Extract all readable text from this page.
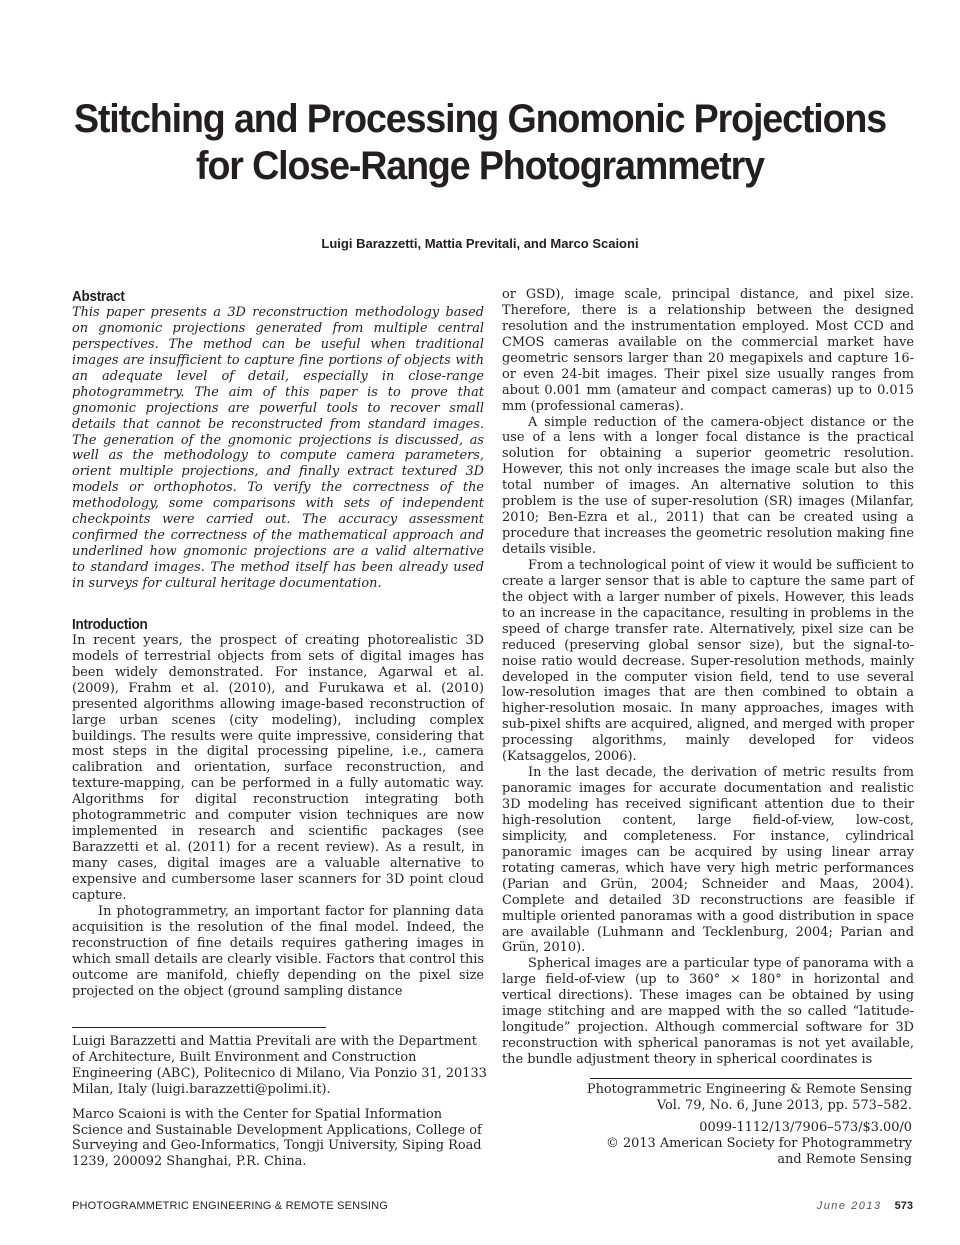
Stitching and Processing Gnomonic Projections
for Close-Range Photogrammetry
Luigi Barazzetti, Mattia Previtali, and Marco Scaioni
Abstract

This paper presents a 3D reconstruction methodology based on gnomonic projections generated from multiple central perspectives. The method can be useful when traditional images are insufficient to capture fine portions of objects with an adequate level of detail, especially in close-range photogrammetry. The aim of this paper is to prove that gnomonic projections are powerful tools to recover small details that cannot be reconstructed from standard images. The generation of the gnomonic projections is discussed, as well as the methodology to compute camera parameters, orient multiple projections, and finally extract textured 3D models or orthophotos. To verify the correctness of the methodology, some comparisons with sets of independent checkpoints were carried out. The accuracy assessment confirmed the correctness of the mathematical approach and underlined how gnomonic projections are a valid alternative to standard images. The method itself has been already used in surveys for cultural heritage documentation.

Introduction

In recent years, the prospect of creating photorealistic 3D models of terrestrial objects from sets of digital images has been widely demonstrated. For instance, Agarwal et al. (2009), Frahm et al. (2010), and Furukawa et al. (2010) presented algorithms allowing image-based reconstruction of large urban scenes (city modeling), including complex buildings. The results were quite impressive, considering that most steps in the digital processing pipeline, i.e., camera calibration and orientation, surface reconstruction, and texture-mapping, can be performed in a fully automatic way. Algorithms for digital reconstruction integrating both photogrammetric and computer vision techniques are now implemented in research and scientific packages (see Barazzetti et al. (2011) for a recent review). As a result, in many cases, digital images are a valuable alternative to expensive and cumbersome laser scanners for 3D point cloud capture.

In photogrammetry, an important factor for planning data acquisition is the resolution of the final model. Indeed, the reconstruction of fine details requires gathering images in which small details are clearly visible. Factors that control this outcome are manifold, chiefly depending on the pixel size projected on the object (ground sampling distance

or GSD), image scale, principal distance, and pixel size. Therefore, there is a relationship between the designed resolution and the instrumentation employed. Most CCD and CMOS cameras available on the commercial market have geometric sensors larger than 20 megapixels and capture 16- or even 24-bit images. Their pixel size usually ranges from about 0.001 mm (amateur and compact cameras) up to 0.015 mm (professional cameras).

A simple reduction of the camera-object distance or the use of a lens with a longer focal distance is the practical solution for obtaining a superior geometric resolution. However, this not only increases the image scale but also the total number of images. An alternative solution to this problem is the use of super-resolution (SR) images (Milanfar, 2010; Ben-Ezra et al., 2011) that can be created using a procedure that increases the geometric resolution making fine details visible.

From a technological point of view it would be sufficient to create a larger sensor that is able to capture the same part of the object with a larger number of pixels. However, this leads to an increase in the capacitance, resulting in problems in the speed of charge transfer rate. Alternatively, pixel size can be reduced (preserving global sensor size), but the signal-to-noise ratio would decrease. Super-resolution methods, mainly developed in the computer vision field, tend to use several low-resolution images that are then combined to obtain a higher-resolution mosaic. In many approaches, images with sub-pixel shifts are acquired, aligned, and merged with proper processing algorithms, mainly developed for videos (Katsaggelos, 2006).

In the last decade, the derivation of metric results from panoramic images for accurate documentation and realistic 3D modeling has received significant attention due to their high-resolution content, large field-of-view, low-cost, simplicity, and completeness. For instance, cylindrical panoramic images can be acquired by using linear array rotating cameras, which have very high metric performances (Parian and Grün, 2004; Schneider and Maas, 2004). Complete and detailed 3D reconstructions are feasible if multiple oriented panoramas with a good distribution in space are available (Luhmann and Tecklenburg, 2004; Parian and Grün, 2010).

Spherical images are a particular type of panorama with a large field-of-view (up to 360° × 180° in horizontal and vertical directions). These images can be obtained by using image stitching and are mapped with the so called “latitude-longitude” projection. Although commercial software for 3D reconstruction with spherical panoramas is not yet available, the bundle adjustment theory in spherical coordinates is

Luigi Barazzetti and Mattia Previtali are with the Department of Architecture, Built Environment and Construction Engineering (ABC), Politecnico di Milano, Via Ponzio 31, 20133 Milan, Italy (luigi.barazzetti@polimi.it).

Marco Scaioni is with the Center for Spatial Information Science and Sustainable Development Applications, College of Surveying and Geo-Informatics, Tongji University, Siping Road 1239, 200092 Shanghai, P.R. China.

Photogrammetric Engineering & Remote Sensing

Vol. 79, No. 6, June 2013, pp. 573–582.

0099-1112/13/7906–573/$3.00/0
© 2013 American Society for Photogrammetry
and Remote Sensing
PHOTOGRAMMETRIC ENGINEERING & REMOTE SENSING	June 2013 573
